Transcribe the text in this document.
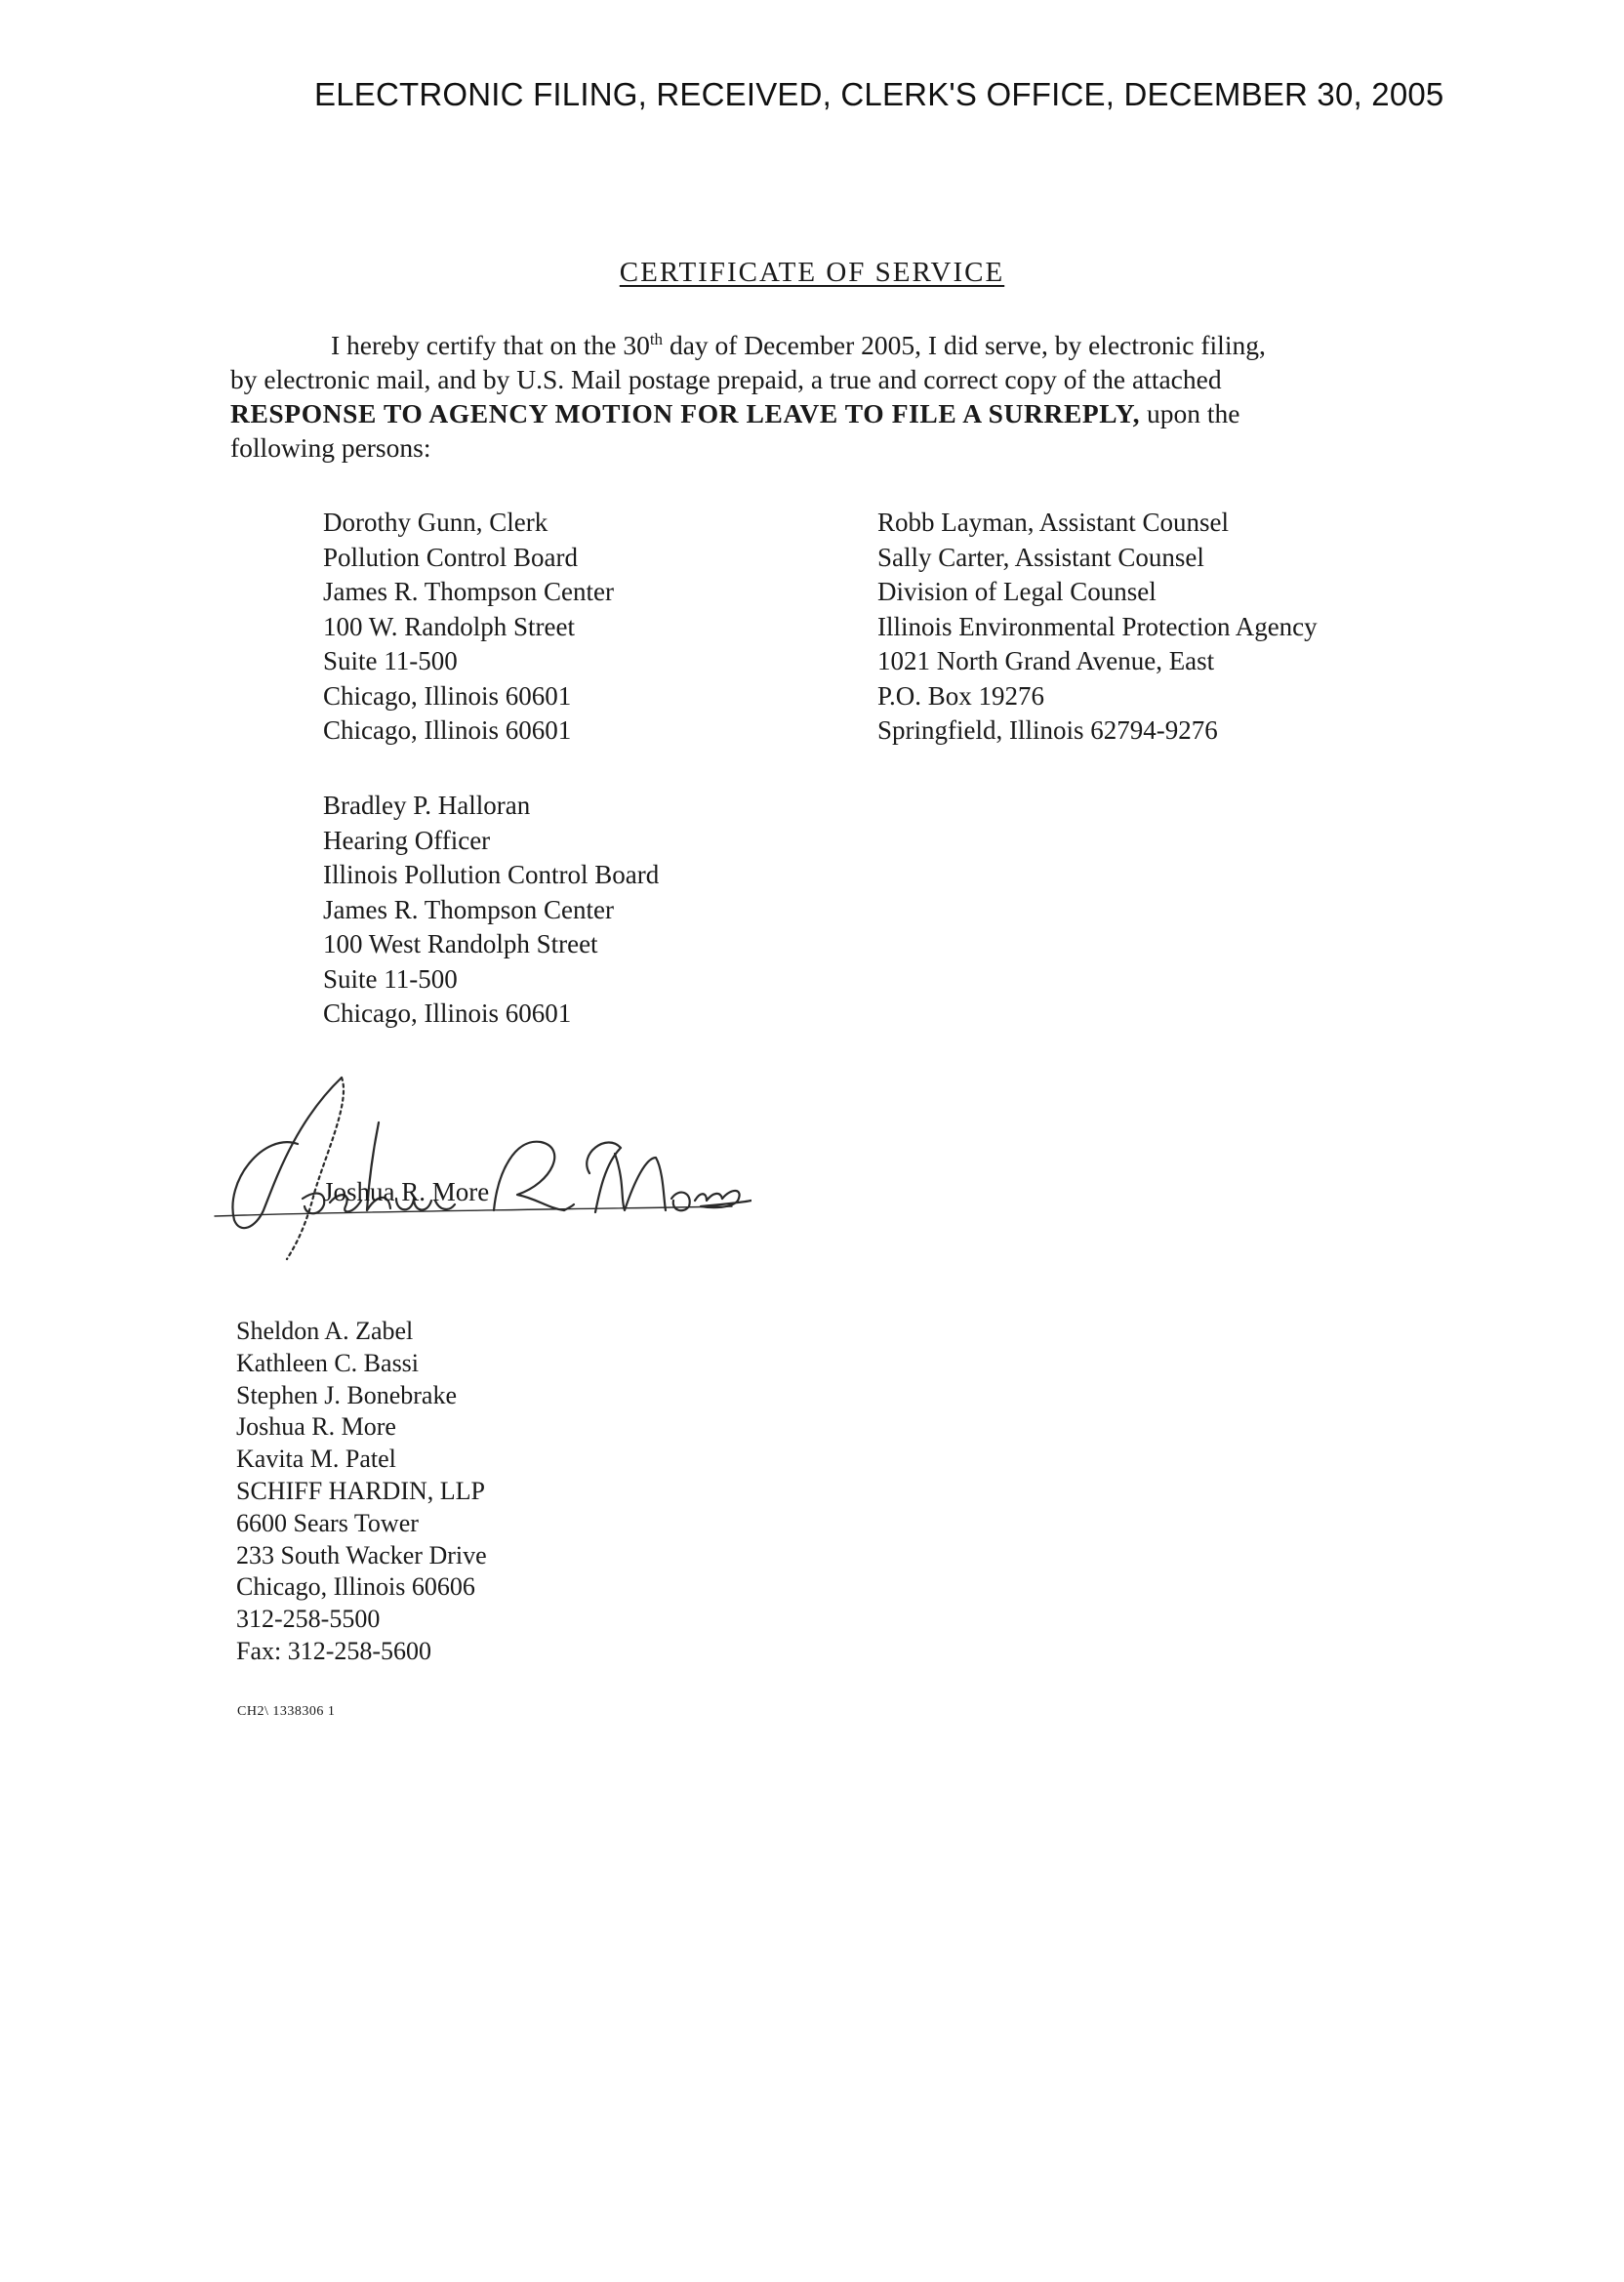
ELECTRONIC FILING, RECEIVED, CLERK'S OFFICE, DECEMBER 30, 2005
CERTIFICATE OF SERVICE

I hereby certify that on the 30th day of December 2005, I did serve, by electronic filing,

by electronic mail, and by U.S. Mail postage prepaid, a true and correct copy of the attached

RESPONSE TO AGENCY MOTION FOR LEAVE TO FILE A SURREPLY, upon the

following persons:

Dorothy Gunn, Clerk
Pollution Control Board
James R. Thompson Center
100 W. Randolph Street
Suite 11-500
Chicago, Illinois 60601
Chicago, Illinois 60601
Robb Layman, Assistant Counsel
Sally Carter, Assistant Counsel
Division of Legal Counsel
Illinois Environmental Protection Agency
1021 North Grand Avenue, East
P.O. Box 19276
Springfield, Illinois 62794-9276
Bradley P. Halloran
Hearing Officer
Illinois Pollution Control Board
James R. Thompson Center
100 West Randolph Street
Suite 11-500
Chicago, Illinois 60601
Joshua R. More
Sheldon A. Zabel
Kathleen C. Bassi
Stephen J. Bonebrake
Joshua R. More
Kavita M. Patel
SCHIFF HARDIN, LLP
6600 Sears Tower
233 South Wacker Drive
Chicago, Illinois 60606
312-258-5500
Fax: 312-258-5600
CH2\ 1338306 1
